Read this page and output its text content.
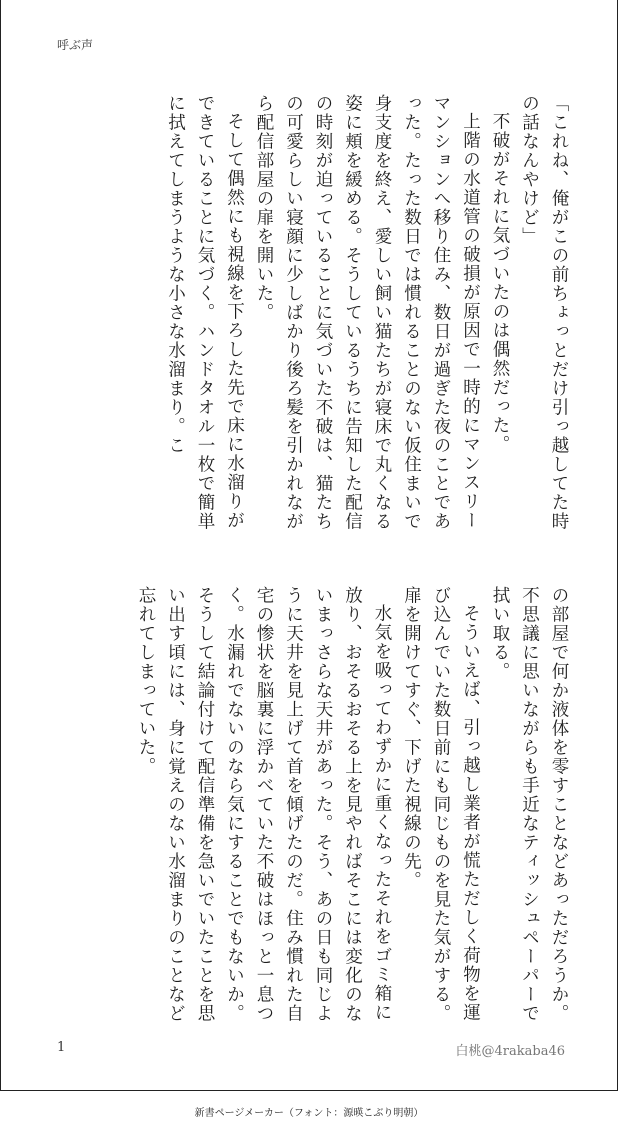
呼ぶ声

「これね、俺がこの前ちょっとだけ引っ越してた時の話なんやけど」

不破がそれに気づいたのは偶然だった。

上階の水道管の破損が原因で一時的にマンスリーマンションへ移り住み、数日が過ぎた夜のことであった。たった数日では慣れることのない仮住まいで身支度を終え、愛しい飼い猫たちが寝床で丸くなる姿に頬を緩める。そうしているうちに告知した配信の時刻が迫っていることに気づいた不破は、猫たちの可愛らしい寝顔に少しばかり後ろ髪を引かれながら配信部屋の扉を開いた。

そして偶然にも視線を下ろした先で床に水溜りができていることに気づく。ハンドタオル一枚で簡単に拭えてしまうような小さな水溜まり。こ

の部屋で何か液体を零すことなどあっただろうか。不思議に思いながらも手近なティッシュペーパーで拭い取る。

そういえば、引っ越し業者が慌ただしく荷物を運び込んでいた数日前にも同じものを見た気がする。扉を開けてすぐ、下げた視線の先。

水気を吸ってわずかに重くなったそれをゴミ箱に放り、おそるおそる上を見やればそこには変化のないまっさらな天井があった。そう、あの日も同じように天井を見上げて首を傾げたのだ。住み慣れた自宅の惨状を脳裏に浮かべていた不破はほっと一息つく。水漏れでないのなら気にすることでもないか。そうして結論付けて配信準備を急いでいたことを思い出す頃には、身に覚えのない水溜まりのことなど忘れてしまっていた。

1	白桃@4rakaba46
新書ページメーカー（フォント：源暎こぶり明朝）
